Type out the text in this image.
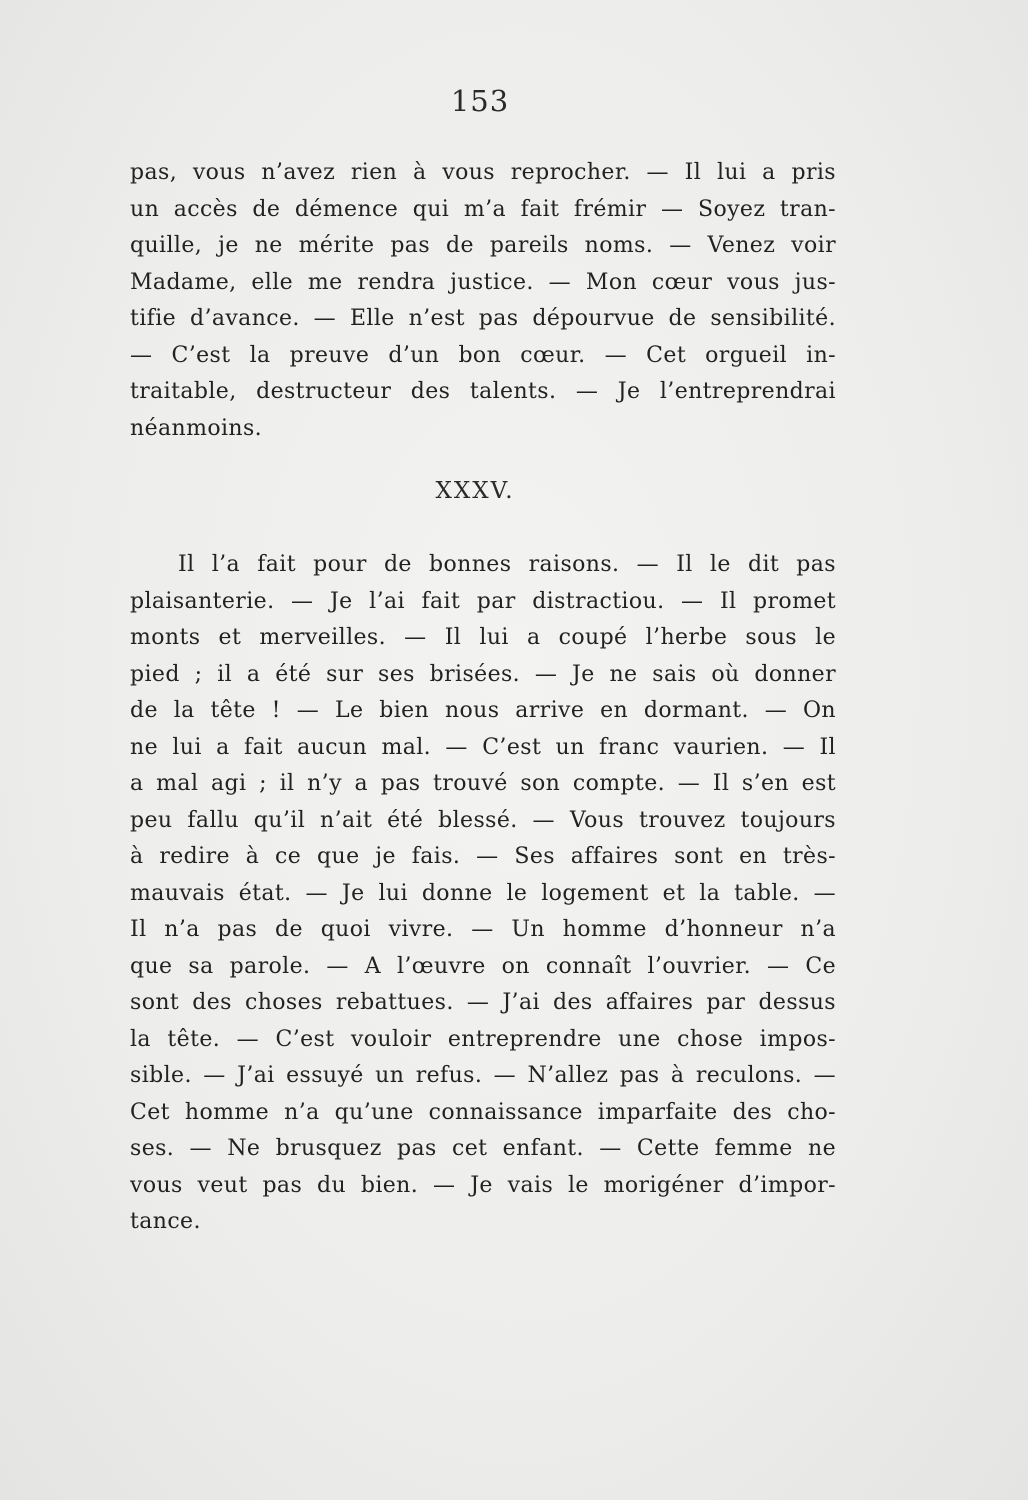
153
pas, vous n’avez rien à vous reprocher. — Il lui a pris
un accès de démence qui m’a fait frémir — Soyez tran-
quille, je ne mérite pas de pareils noms. — Venez voir
Madame, elle me rendra justice. — Mon cœur vous jus-
tifie d’avance. — Elle n’est pas dépourvue de sensibilité.
— C’est la preuve d’un bon cœur. — Cet orgueil in-
traitable, destructeur des talents. — Je l’entreprendrai
néanmoins.
XXXV.
Il l’a fait pour de bonnes raisons. — Il le dit pas
plaisanterie. — Je l’ai fait par distractiou. — Il promet
monts et merveilles. — Il lui a coupé l’herbe sous le
pied ; il a été sur ses brisées. — Je ne sais où donner
de la tête ! — Le bien nous arrive en dormant. — On
ne lui a fait aucun mal. — C’est un franc vaurien. — Il
a mal agi ; il n’y a pas trouvé son compte. — Il s’en est
peu fallu qu’il n’ait été blessé. — Vous trouvez toujours
à redire à ce que je fais. — Ses affaires sont en très-
mauvais état. — Je lui donne le logement et la table. —
Il n’a pas de quoi vivre. — Un homme d’honneur n’a
que sa parole. — A l’œuvre on connaît l’ouvrier. — Ce
sont des choses rebattues. — J’ai des affaires par dessus
la tête. — C’est vouloir entreprendre une chose impos-
sible. — J’ai essuyé un refus. — N’allez pas à reculons. —
Cet homme n’a qu’une connaissance imparfaite des cho-
ses. — Ne brusquez pas cet enfant. — Cette femme ne
vous veut pas du bien. — Je vais le morigéner d’impor-
tance.
